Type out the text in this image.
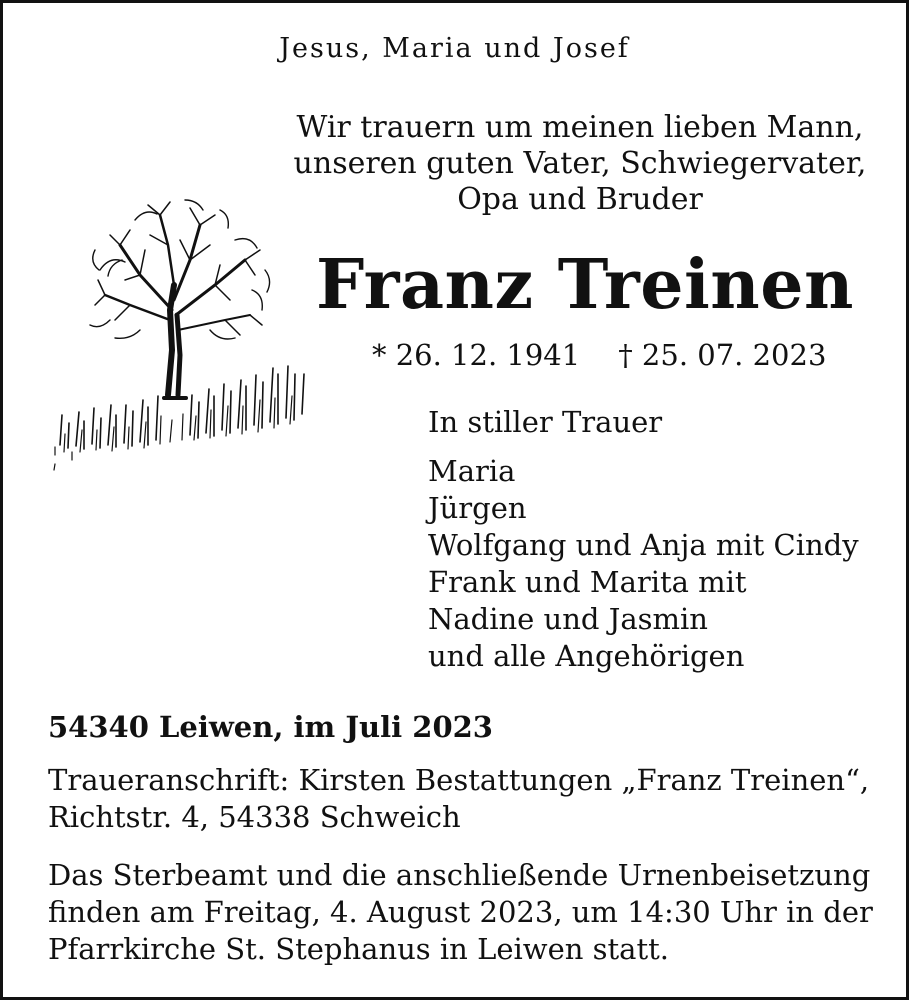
Jesus, Maria und Josef
Wir trauern um meinen lieben Mann,
unseren guten Vater, Schwiegervater,
Opa und Bruder
Franz Treinen
* 26. 12. 1941 † 25. 07. 2023
In stiller Trauer
Maria
Jürgen
Wolfgang und Anja mit Cindy
Frank und Marita mit
Nadine und Jasmin
und alle Angehörigen
54340 Leiwen, im Juli 2023
Traueranschrift: Kirsten Bestattungen „Franz Treinen“,
Richtstr. 4, 54338 Schweich
Das Sterbeamt und die anschließende Urnenbeisetzung
finden am Freitag, 4. August 2023, um 14:30 Uhr in der
Pfarrkirche St. Stephanus in Leiwen statt.
